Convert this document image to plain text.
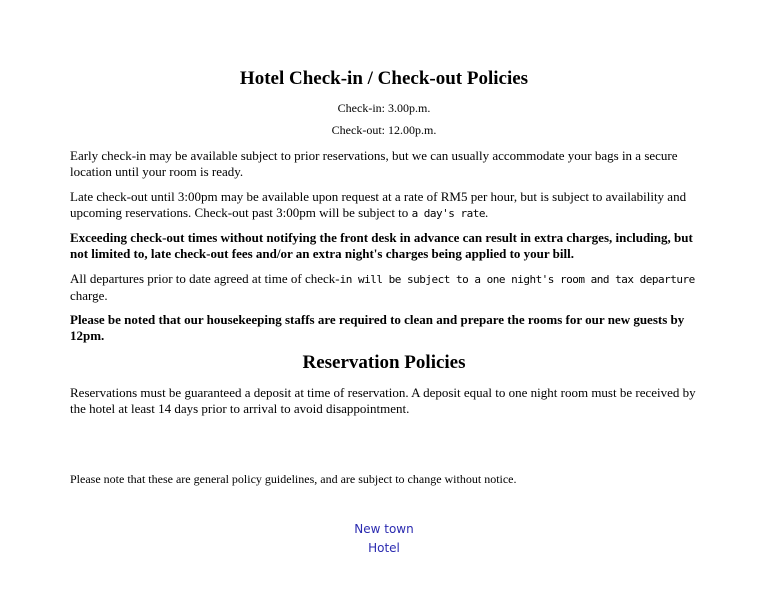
Hotel Check-in / Check-out Policies

Check-in: 3.00p.m.

Check-out: 12.00p.m.

Early check-in may be available subject to prior reservations, but we can usually accommodate your bags in a secure location until your room is ready.

Late check-out until 3:00pm may be available upon request at a rate of RM5 per hour, but is subject to availability and upcoming reservations. Check-out past 3:00pm will be subject to a day's rate.

Exceeding check-out times without notifying the front desk in advance can result in extra charges, including, but not limited to, late check-out fees and/or an extra night's charges being applied to your bill.

All departures prior to date agreed at time of check-in will be subject to a one night's room and tax departure
charge.

Please be noted that our housekeeping staffs are required to clean and prepare the rooms for our new guests by 12pm.

Reservation Policies

Reservations must be guaranteed a deposit at time of reservation. A deposit equal to one night room must be received by the hotel at least 14 days prior to arrival to avoid disappointment.

Please note that these are general policy guidelines, and are subject to change without notice.

New town
Hotel
